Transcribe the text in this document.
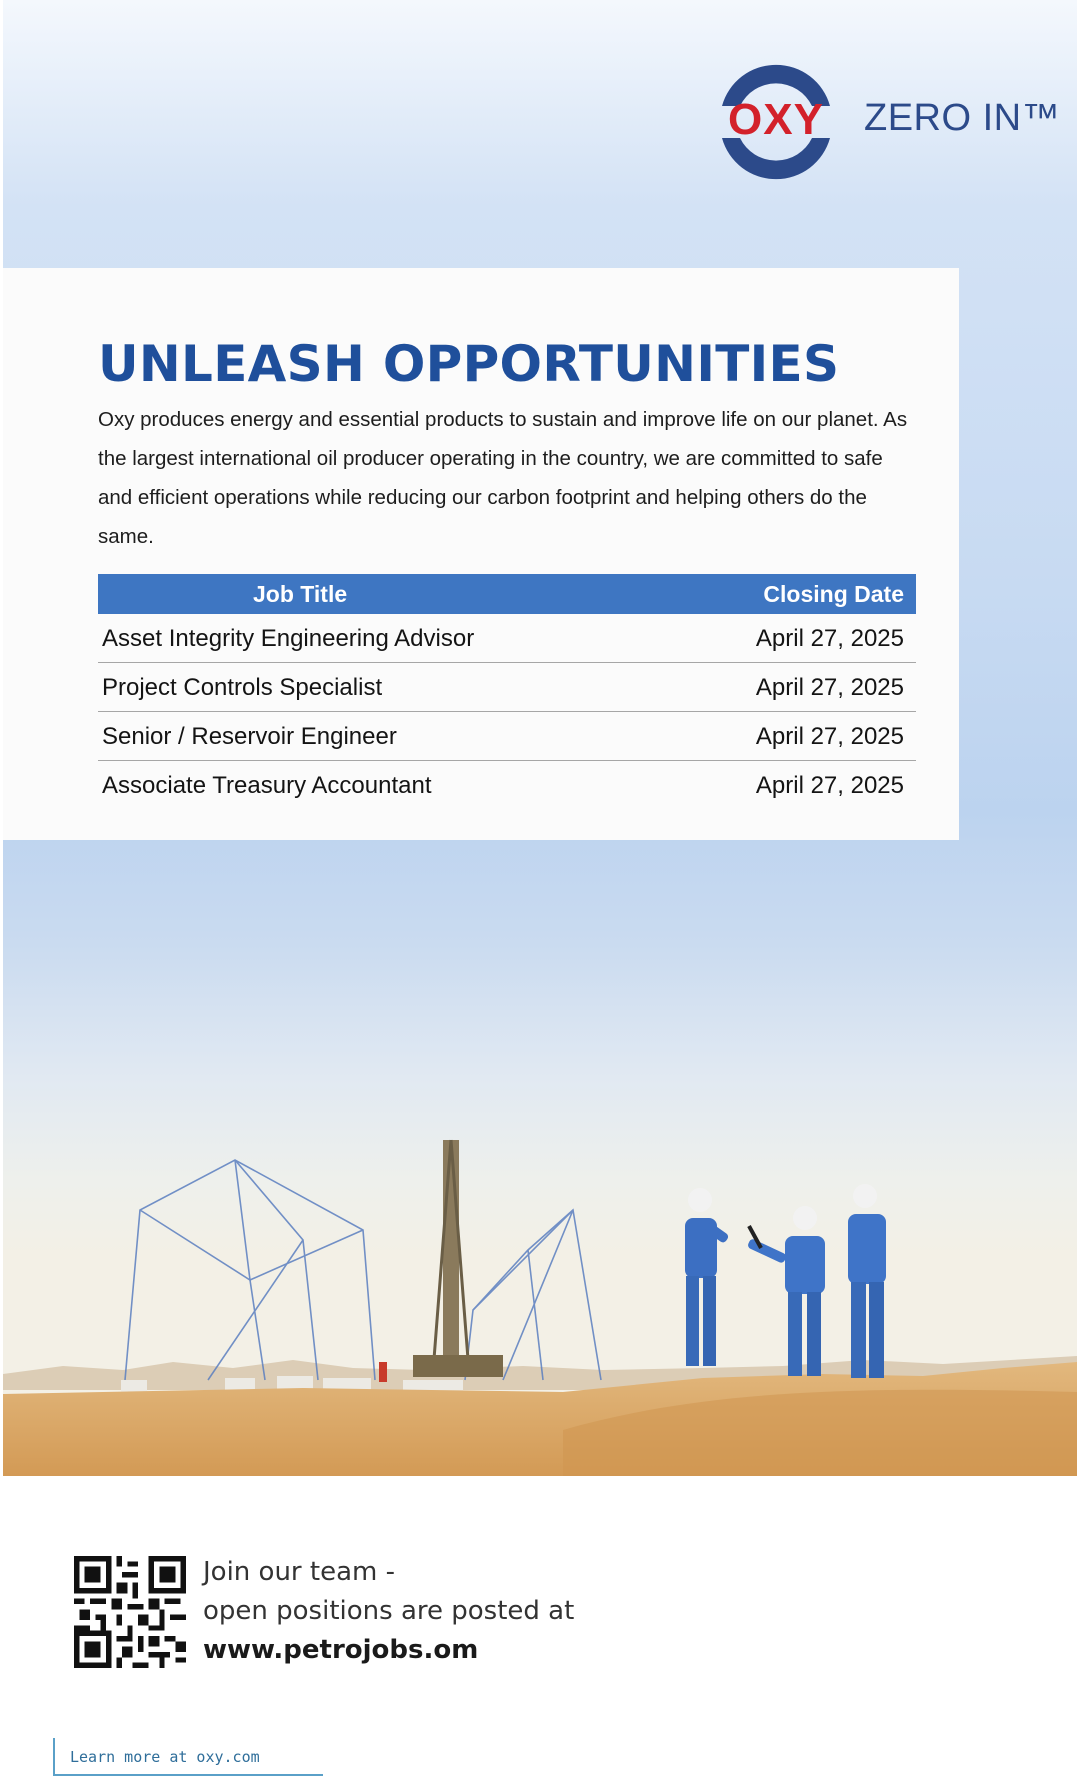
OXY	ZERO IN™
UNLEASH OPPORTUNITIES
Oxy produces energy and essential products to sustain and improve life on our planet. As the largest international oil producer operating in the country, we are committed to safe and efficient operations while reducing our carbon footprint and helping others do the same.
Job Title	Closing Date
Asset Integrity Engineering Advisor	April 27, 2025
Project Controls Specialist	April 27, 2025
Senior / Reservoir Engineer	April 27, 2025
Associate Treasury Accountant	April 27, 2025
Join our team -
open positions are posted at
www.petrojobs.om
Learn more at oxy.com
